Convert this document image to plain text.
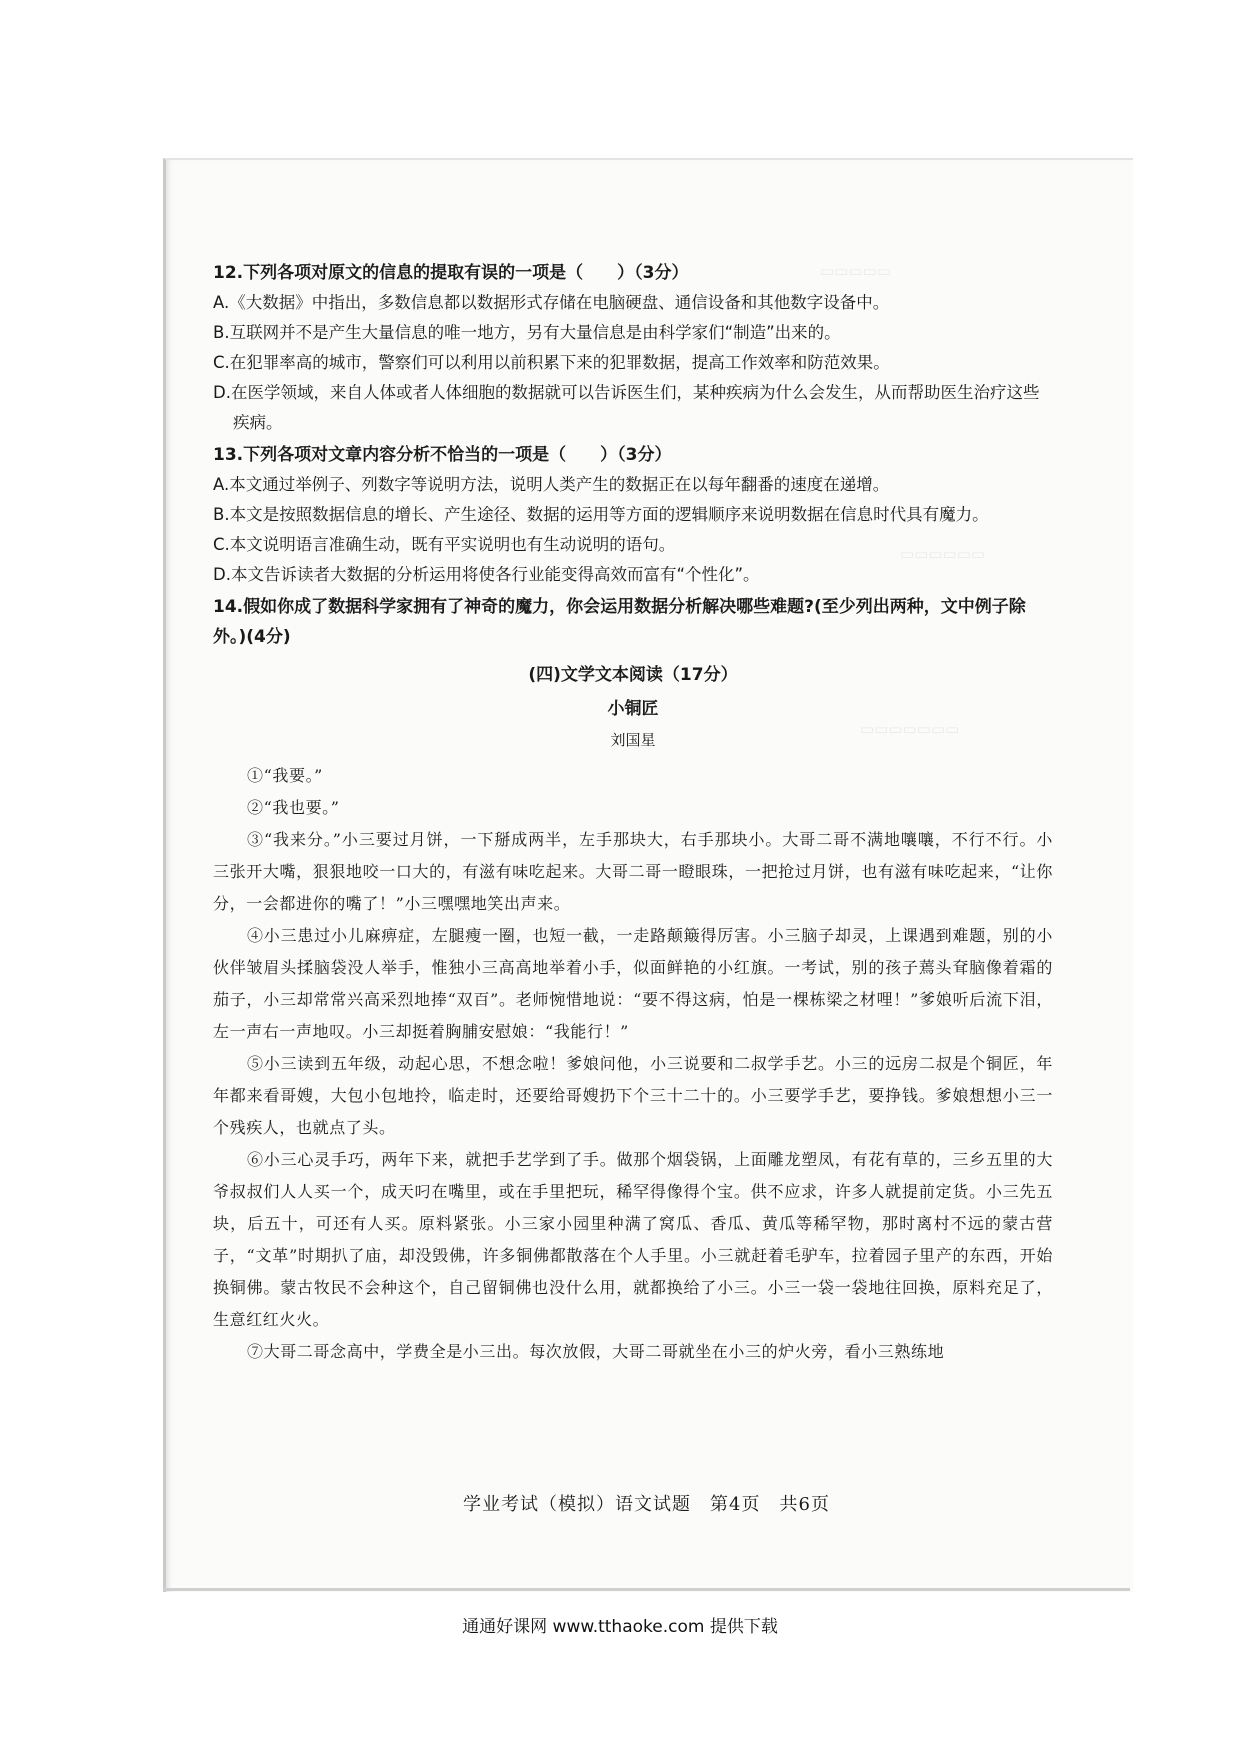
12.下列各项对原文的信息的提取有误的一项是（　　）（3分）

A.《大数据》中指出，多数信息都以数据形式存储在电脑硬盘、通信设备和其他数字设备中。

B.互联网并不是产生大量信息的唯一地方，另有大量信息是由科学家们“制造”出来的。

C.在犯罪率高的城市，警察们可以利用以前积累下来的犯罪数据，提高工作效率和防范效果。

D.在医学领域，来自人体或者人体细胞的数据就可以告诉医生们，某种疾病为什么会发生，从而帮助医生治疗这些疾病。

13.下列各项对文章内容分析不恰当的一项是（　　）（3分）

A.本文通过举例子、列数字等说明方法，说明人类产生的数据正在以每年翻番的速度在递增。

B.本文是按照数据信息的增长、产生途径、数据的运用等方面的逻辑顺序来说明数据在信息时代具有魔力。

C.本文说明语言准确生动，既有平实说明也有生动说明的语句。

D.本文告诉读者大数据的分析运用将使各行业能变得高效而富有“个性化”。

14.假如你成了数据科学家拥有了神奇的魔力，你会运用数据分析解决哪些难题?(至少列出两种，文中例子除外。)(4分)

(四)文学文本阅读（17分）

小铜匠

刘国星

①“我要。”

②“我也要。”

③“我来分。”小三要过月饼，一下掰成两半，左手那块大，右手那块小。大哥二哥不满地嚷嚷，不行不行。小三张开大嘴，狠狠地咬一口大的，有滋有味吃起来。大哥二哥一瞪眼珠，一把抢过月饼，也有滋有味吃起来，“让你分，一会都进你的嘴了！”小三嘿嘿地笑出声来。

④小三患过小儿麻痹症，左腿瘦一圈，也短一截，一走路颠簸得厉害。小三脑子却灵，上课遇到难题，别的小伙伴皱眉头揉脑袋没人举手，惟独小三高高地举着小手，似面鲜艳的小红旗。一考试，别的孩子蔫头耷脑像着霜的茄子，小三却常常兴高采烈地捧“双百”。老师惋惜地说：“要不得这病，怕是一棵栋梁之材哩！”爹娘听后流下泪，左一声右一声地叹。小三却挺着胸脯安慰娘：“我能行！”

⑤小三读到五年级，动起心思，不想念啦！爹娘问他，小三说要和二叔学手艺。小三的远房二叔是个铜匠，年年都来看哥嫂，大包小包地拎，临走时，还要给哥嫂扔下个三十二十的。小三要学手艺，要挣钱。爹娘想想小三一个残疾人，也就点了头。

⑥小三心灵手巧，两年下来，就把手艺学到了手。做那个烟袋锅，上面雕龙塑凤，有花有草的，三乡五里的大爷叔叔们人人买一个，成天叼在嘴里，或在手里把玩，稀罕得像得个宝。供不应求，许多人就提前定货。小三先五块，后五十，可还有人买。原料紧张。小三家小园里种满了窝瓜、香瓜、黄瓜等稀罕物，那时离村不远的蒙古营子，“文革”时期扒了庙，却没毁佛，许多铜佛都散落在个人手里。小三就赶着毛驴车，拉着园子里产的东西，开始换铜佛。蒙古牧民不会种这个，自己留铜佛也没什么用，就都换给了小三。小三一袋一袋地往回换，原料充足了，生意红红火火。

⑦大哥二哥念高中，学费全是小三出。每次放假，大哥二哥就坐在小三的炉火旁，看小三熟练地

学业考试（模拟）语文试题　第4页　共6页
通通好课网 www.tthaoke.com 提供下载
